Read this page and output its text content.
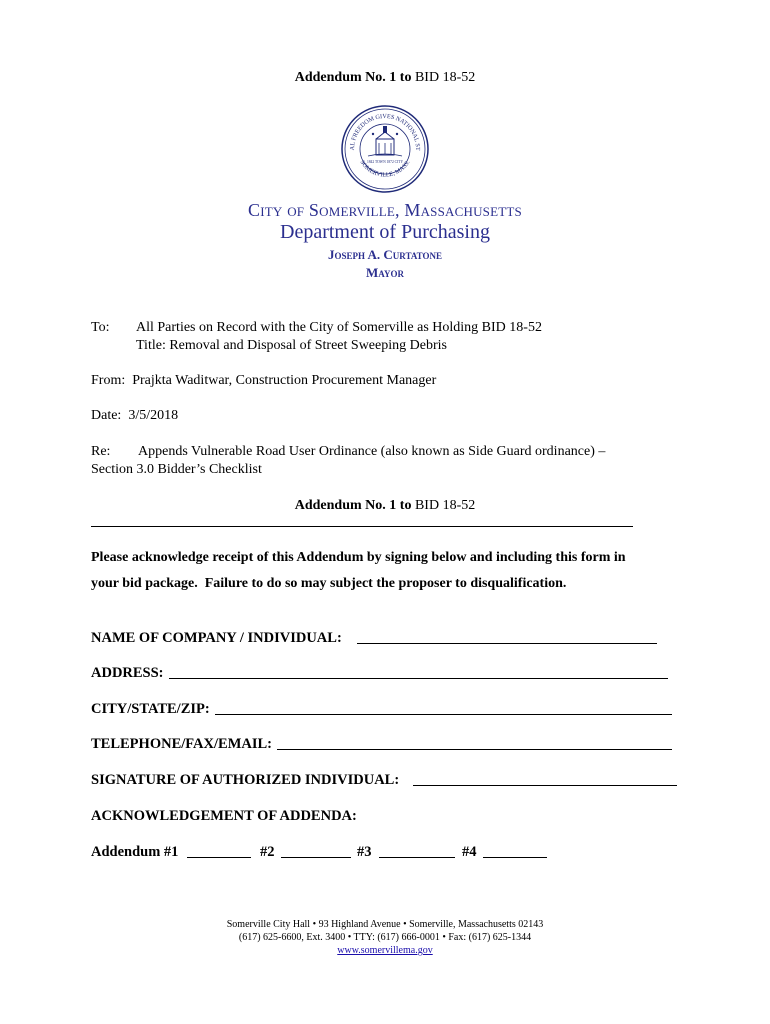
Addendum No. 1 to BID 18-52
AL FREEDOM GIVES NATIONAL ST
SOMERVILLE, MASS.
1842 TOWN 1872 CITY
City of Somerville, Massachusetts
Department of Purchasing
Joseph A. Curtatone
Mayor
To: All Parties on Record with the City of Somerville as Holding BID 18-52
Title: Removal and Disposal of Street Sweeping Debris
From:  Prajkta Waditwar, Construction Procurement Manager
Date:  3/5/2018
Re: Appends Vulnerable Road User Ordinance (also known as Side Guard ordinance) –
Section 3.0 Bidder’s Checklist
Addendum No. 1 to BID 18-52
Please acknowledge receipt of this Addendum by signing below and including this form in
your bid package.  Failure to do so may subject the proposer to disqualification.
NAME OF COMPANY / INDIVIDUAL:
ADDRESS:
CITY/STATE/ZIP:
TELEPHONE/FAX/EMAIL:
SIGNATURE OF AUTHORIZED INDIVIDUAL:
ACKNOWLEDGEMENT OF ADDENDA:
Addendum #1	#2	#3	#4
Somerville City Hall • 93 Highland Avenue • Somerville, Massachusetts 02143
(617) 625-6600, Ext. 3400 • TTY: (617) 666-0001 • Fax: (617) 625-1344
www.somervillema.gov
